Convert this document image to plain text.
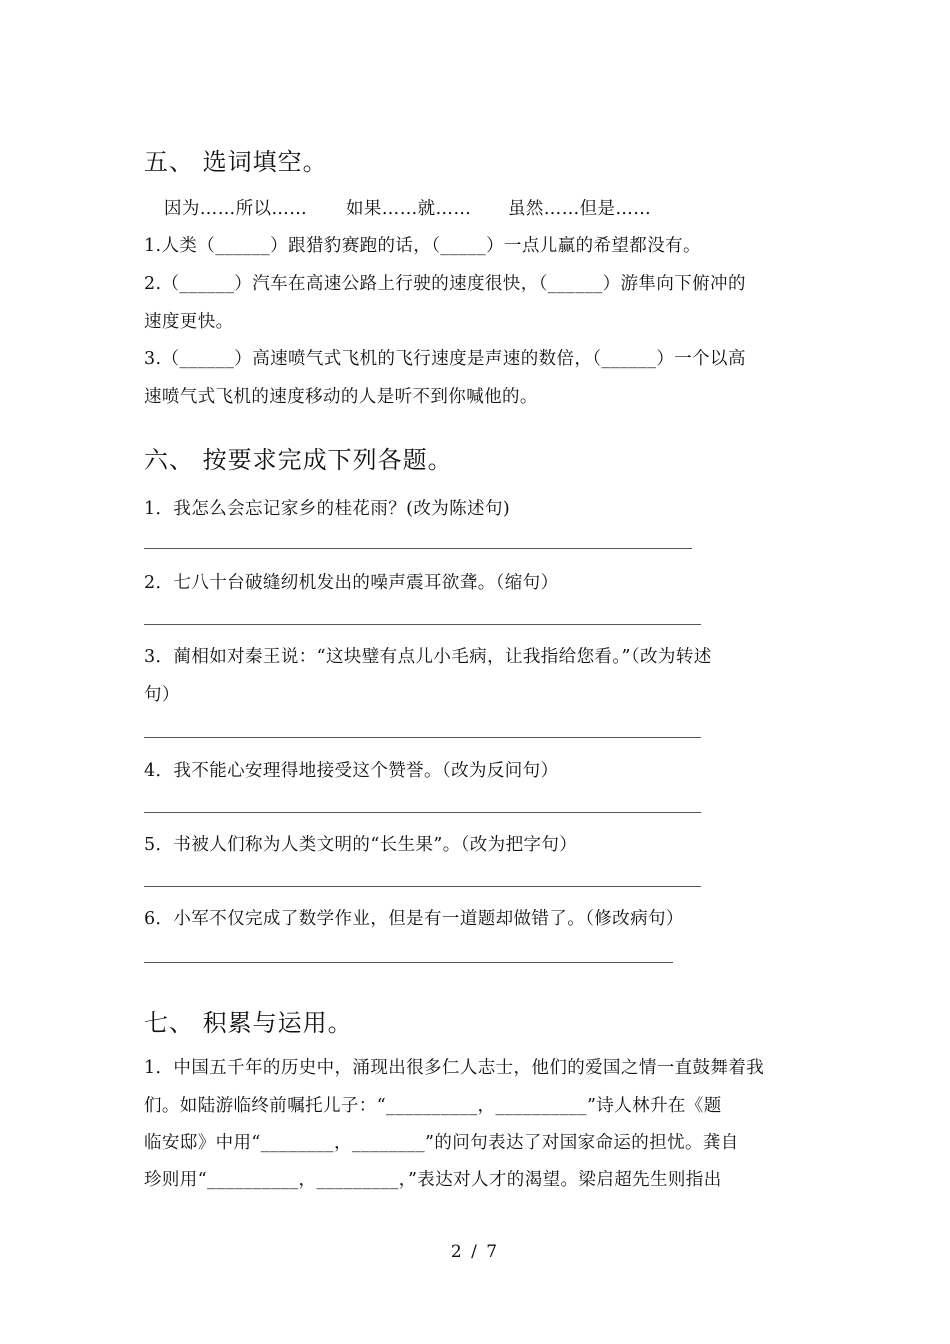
五、 选词填空。
因为……所以…… 如果……就…… 虽然……但是……
1.人类（______）跟猎豹赛跑的话，（_____）一点儿赢的希望都没有。
2.（______）汽车在高速公路上行驶的速度很快，（______）游隼向下俯冲的
速度更快。
3.（______）高速喷气式飞机的飞行速度是声速的数倍，（______）一个以高
速喷气式飞机的速度移动的人是听不到你喊他的。
六、 按要求完成下列各题。
1．我怎么会忘记家乡的桂花雨？(改为陈述句)
2．七八十台破缝纫机发出的噪声震耳欲聋。（缩句）
3．蔺相如对秦王说：“这块璧有点儿小毛病，让我指给您看。”（改为转述
句）
4．我不能心安理得地接受这个赞誉。（改为反问句）
5．书被人们称为人类文明的“长生果”。（改为把字句）
6．小军不仅完成了数学作业，但是有一道题却做错了。（修改病句）
七、 积累与运用。
1．中国五千年的历史中，涌现出很多仁人志士，他们的爱国之情一直鼓舞着我
们。如陆游临终前嘱托儿子：“__________，__________”诗人林升在《题
临安邸》中用“________，________”的问句表达了对国家命运的担忧。龚自
珍则用“__________，_________，”表达对人才的渴望。梁启超先生则指出
2 / 7
